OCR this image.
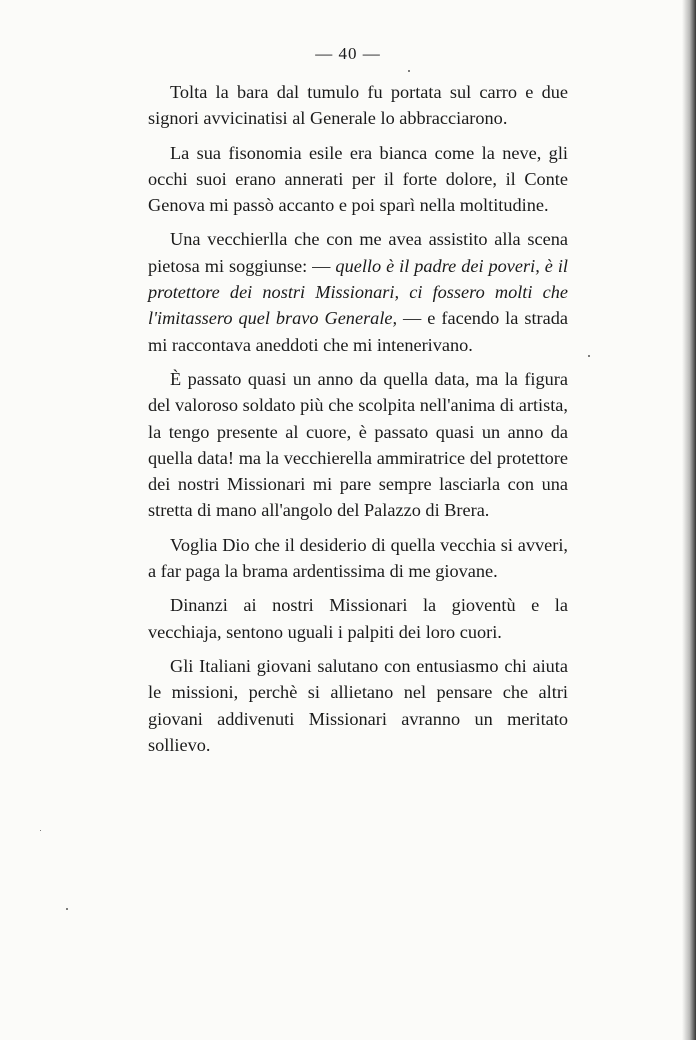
— 40 —

Tolta la bara dal tumulo fu portata sul carro e due signori avvicinatisi al Generale lo abbracciarono.

La sua fisonomia esile era bianca come la neve, gli occhi suoi erano annerati per il forte dolore, il Conte Genova mi passò accanto e poi sparì nella moltitudine.

Una vecchierlla che con me avea assistito alla scena pietosa mi soggiunse: — quello è il padre dei poveri, è il protettore dei nostri Missionari, ci fossero molti che l'imitassero quel bravo Generale, — e facendo la strada mi raccontava aneddoti che mi intenerivano.

È passato quasi un anno da quella data, ma la figura del valoroso soldato più che scolpita nell'anima di artista, la tengo presente al cuore, è passato quasi un anno da quella data! ma la vecchierella ammiratrice del protettore dei nostri Missionari mi pare sempre lasciarla con una stretta di mano all'angolo del Palazzo di Brera.

Voglia Dio che il desiderio di quella vecchia si avveri, a far paga la brama ardentissima di me giovane.

Dinanzi ai nostri Missionari la gioventù e la vecchiaja, sentono uguali i palpiti dei loro cuori.

Gli Italiani giovani salutano con entusiasmo chi aiuta le missioni, perchè si allietano nel pensare che altri giovani addivenuti Missionari avranno un meritato sollievo.
